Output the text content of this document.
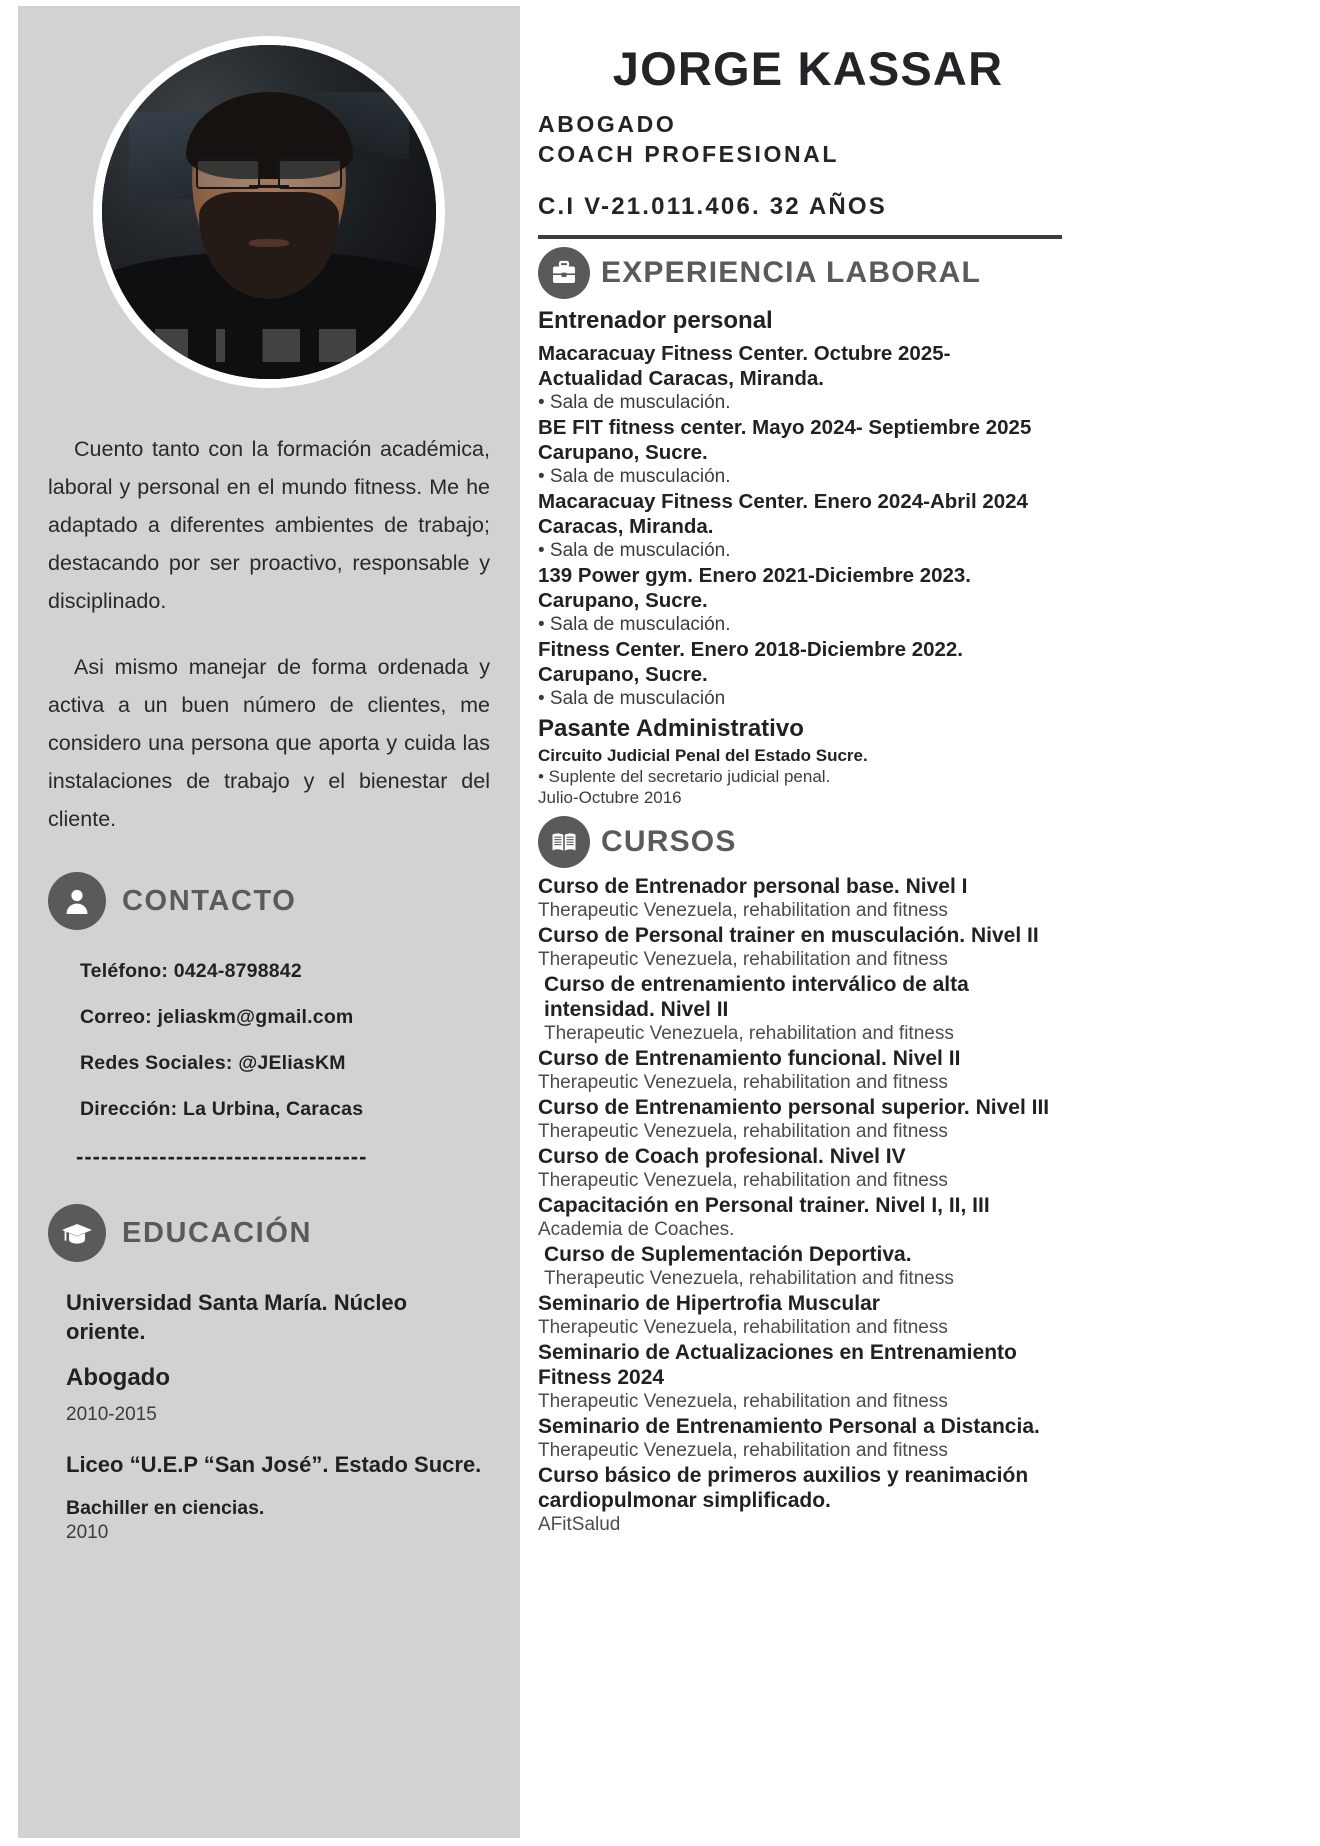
Cuento tanto con la formación académica, laboral y personal en el mundo fitness. Me he adaptado a diferentes ambientes de trabajo; destacando por ser proactivo, responsable y disciplinado.

Asi mismo manejar de forma ordenada y activa a un buen número de clientes, me considero una persona que aporta y cuida las instalaciones de trabajo y el bienestar del cliente.

CONTACTO
Teléfono: 0424-8798842
Correo: jeliaskm@gmail.com
Redes Sociales: @JEliasKM
Dirección: La Urbina, Caracas
-----------------------------------
EDUCACIÓN
Universidad Santa María. Núcleo oriente.
Abogado
2010-2015
Liceo “U.E.P “San José”. Estado Sucre.
Bachiller en ciencias.
2010
JORGE KASSAR
ABOGADO
COACH PROFESIONAL
C.I V-21.011.406. 32 AÑOS
EXPERIENCIA LABORAL
Entrenador personal
Macaracuay Fitness Center. Octubre 2025-
Actualidad Caracas, Miranda.
• Sala de musculación.
BE FIT fitness center. Mayo 2024- Septiembre 2025
Carupano, Sucre.
• Sala de musculación.
Macaracuay Fitness Center. Enero 2024-Abril 2024
Caracas, Miranda.
• Sala de musculación.
139 Power gym. Enero 2021-Diciembre 2023.
Carupano, Sucre.
• Sala de musculación.
Fitness Center. Enero 2018-Diciembre 2022.
Carupano, Sucre.
• Sala de musculación
Pasante Administrativo
Circuito Judicial Penal del Estado Sucre.
• Suplente del secretario judicial penal.
Julio-Octubre 2016
CURSOS
Curso de Entrenador personal base. Nivel I
Therapeutic Venezuela, rehabilitation and fitness
Curso de Personal trainer en musculación. Nivel II
Therapeutic Venezuela, rehabilitation and fitness
Curso de entrenamiento interválico de alta intensidad. Nivel II
Therapeutic Venezuela, rehabilitation and fitness
Curso de Entrenamiento funcional. Nivel II
Therapeutic Venezuela, rehabilitation and fitness
Curso de Entrenamiento personal superior. Nivel III
Therapeutic Venezuela, rehabilitation and fitness
Curso de Coach profesional. Nivel IV
Therapeutic Venezuela, rehabilitation and fitness
Capacitación en Personal trainer. Nivel I, II, III
Academia de Coaches.
Curso de Suplementación Deportiva.
Therapeutic Venezuela, rehabilitation and fitness
Seminario de Hipertrofia Muscular
Therapeutic Venezuela, rehabilitation and fitness
Seminario de Actualizaciones en Entrenamiento Fitness 2024
Therapeutic Venezuela, rehabilitation and fitness
Seminario de Entrenamiento Personal a Distancia.
Therapeutic Venezuela, rehabilitation and fitness
Curso básico de primeros auxilios y reanimación cardiopulmonar simplificado.
AFitSalud
